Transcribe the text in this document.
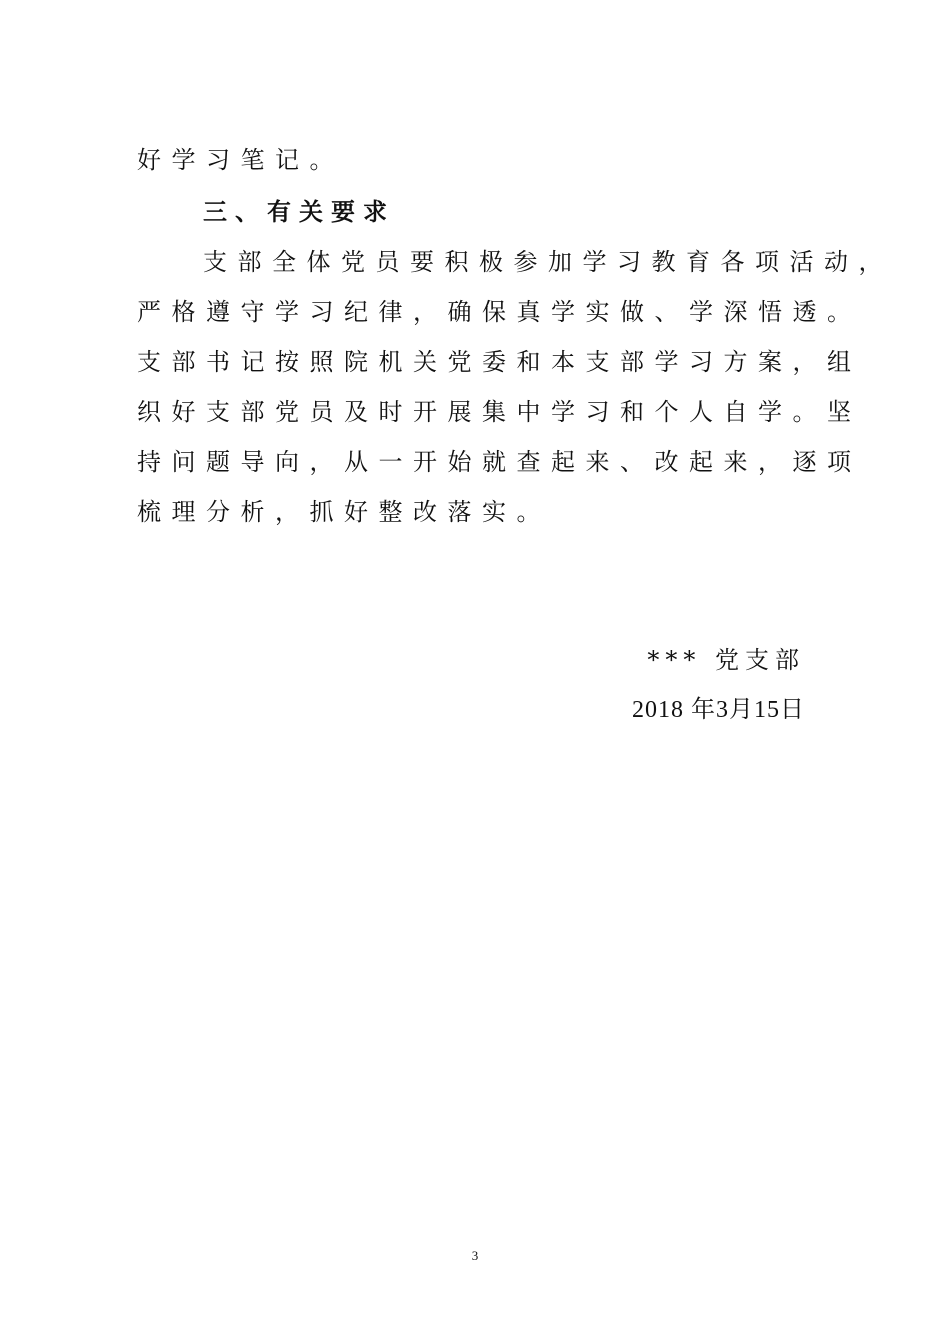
好学习笔记。
三、有关要求
支部全体党员要积极参加学习教育各项活动，
严格遵守学习纪律，确保真学实做、学深悟透。
支部书记按照院机关党委和本支部学习方案，组
织好支部党员及时开展集中学习和个人自学。坚
持问题导向，从一开始就查起来、改起来，逐项
梳理分析，抓好整改落实。
*** 党支部
2018 年3月15日
3
